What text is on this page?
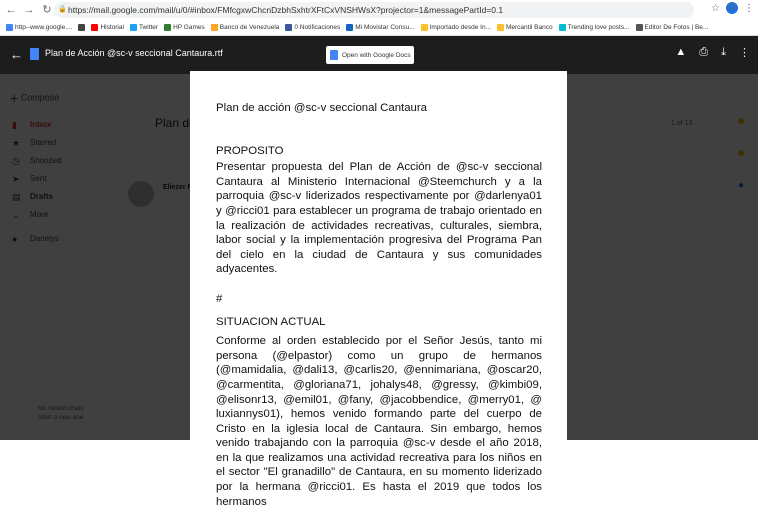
← → ↻ 🔒 https://mail.google.com/mail/u/0/#inbox/FMfcgxwChcnDzbhSxhtrXFtCxVNSHWsX?projector=1&messagePartId=0.1	☆ D ⋮
http--www.google....	Historial Twitter HP Games Banco de Venezuela 0 Notificaciones Mi Movistar Consu... Importado desde In... Mercantil Banco Trending love posts... Editor De Fotos | Be...
← Plan de Acción @sc-v seccional Cantaura.rtf	Open with Google Docs	▲ ⎙ ⤓ ⋮
Plan de acción @sc-v seccional Cantaura
PROPOSITO

Presentar propuesta del Plan de Acción de @sc-v seccional Cantaura al Ministerio Internacional @Steemchurch y a la parroquia @sc-v liderizados respectivamente por @darlenya01 y @ricci01 para establecer un programa de trabajo orientado en la realización de actividades recreativas, culturales, siembra, labor social y la implementación progresiva del Programa Pan del cielo en la ciudad de Cantaura y sus comunidades adyacentes.

#
SITUACION ACTUAL

Conforme al orden establecido por el Señor Jesús, tanto mi persona (@elpastor) como un grupo de hermanos (@mamidalia, @dali13, @carlis20, @ennimariana, @oscar20, @carmentita, @gloriana71, johalys48, @gressy, @kimbi09, @elisonr13, @emil01, @fany, @jacobbendice, @merry01, @ luxiannys01), hemos venido formando parte del cuerpo de Cristo en la iglesia local de Cantaura. Sin embargo, hemos venido trabajando con la parroquia @sc-v desde el año 2018, en la que realizamos una actividad recreativa para los niños en el sector "El granadillo" de Cantaura, en su momento liderizado por la hermana @ricci01. Es hasta el 2019 que todos los hermanos
